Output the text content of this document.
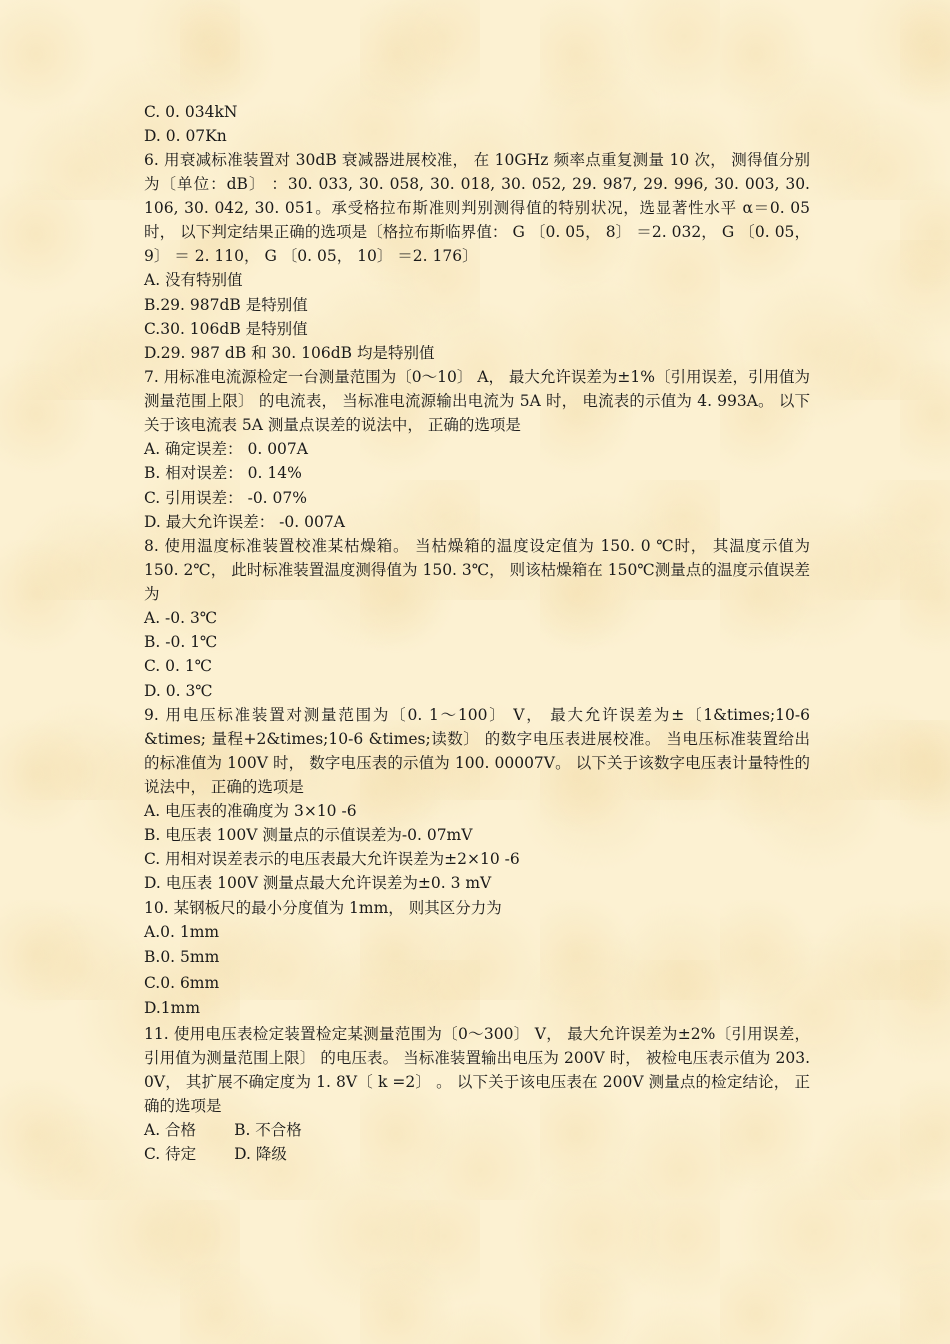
C. 0. 034kN
D. 0. 07Kn
6. 用衰减标准装置对 30dB 衰减器进展校准， 在 10GHz 频率点重复测量 10 次， 测得值分别为〔单位：dB〕 ：30. 033, 30. 058, 30. 018, 30. 052, 29. 987, 29. 996, 30. 003, 30. 106, 30. 042, 30. 051。承受格拉布斯准则判别测得值的特别状况，选显著性水平 α＝0. 05 时， 以下判定结果正确的选项是〔格拉布斯临界值： G 〔0. 05， 8〕 ＝2. 032， G 〔0. 05， 9〕 ＝ 2. 110， G 〔0. 05， 10〕 ＝2. 176〕
A. 没有特别值
B.29. 987dB 是特别值
C.30. 106dB 是特别值
D.29. 987 dB 和 30. 106dB 均是特别值
7. 用标准电流源检定一台测量范围为〔0～10〕 A， 最大允许误差为±1%〔引用误差，引用值为测量范围上限〕 的电流表， 当标准电流源输出电流为 5A 时， 电流表的示值为 4. 993A。 以下关于该电流表 5A 测量点误差的说法中， 正确的选项是
A. 确定误差： 0. 007A
B. 相对误差： 0. 14%
C. 引用误差： -0. 07%
D. 最大允许误差： -0. 007A
8. 使用温度标准装置校准某枯燥箱。 当枯燥箱的温度设定值为 150. 0 ℃时， 其温度示值为 150. 2℃， 此时标准装置温度测得值为 150. 3℃， 则该枯燥箱在 150℃测量点的温度示值误差为
A. -0. 3℃
B. -0. 1℃
C. 0. 1℃
D. 0. 3℃
9. 用电压标准装置对测量范围为〔0. 1～100〕 V， 最大允许误差为±〔1&times;10-6 &times; 量程+2&times;10-6 &times;读数〕 的数字电压表进展校准。 当电压标准装置给出的标准值为 100V 时， 数字电压表的示值为 100. 00007V。 以下关于该数字电压表计量特性的说法中， 正确的选项是
A. 电压表的准确度为 3×10 -6
B. 电压表 100V 测量点的示值误差为-0. 07mV
C. 用相对误差表示的电压表最大允许误差为±2×10 -6
D. 电压表 100V 测量点最大允许误差为±0. 3 mV
10. 某钢板尺的最小分度值为 1mm， 则其区分力为
A.0. 1mm
B.0. 5mm
C.0. 6mm
D.1mm
11. 使用电压表检定装置检定某测量范围为〔0～300〕 V， 最大允许误差为±2%〔引用误差， 引用值为测量范围上限〕 的电压表。 当标准装置输出电压为 200V 时， 被检电压表示值为 203. 0V， 其扩展不确定度为 1. 8V〔 k =2〕 。 以下关于该电压表在 200V 测量点的检定结论， 正确的选项是
A. 合格 B. 不合格
C. 待定 D. 降级
